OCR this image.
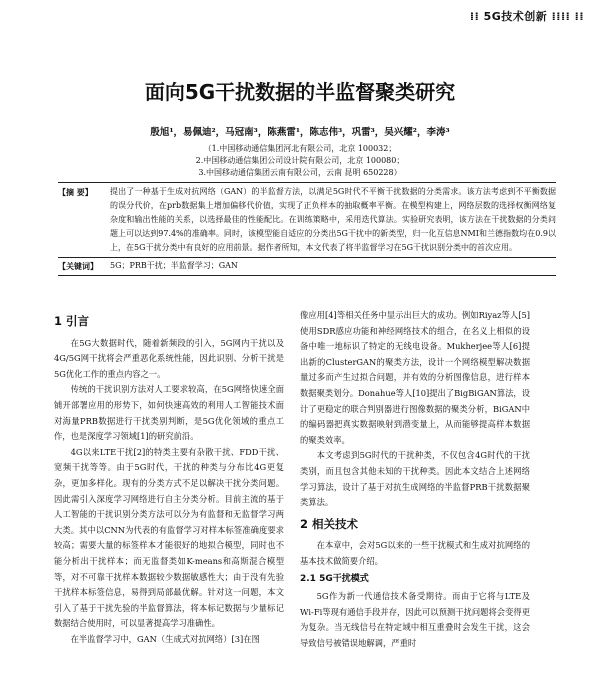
⁞⁞ 5G技术创新 ⁞⁞⁞⁞ ⁞⁞
面向5G干扰数据的半监督聚类研究
殷旭¹，易佩迪²，马冠南³，陈燕雷¹，陈志伟³，巩雷³，吴兴耀²，李涛³
（1.中国移动通信集团河北有限公司，北京 100032；
2.中国移动通信集团公司设计院有限公司，北京 100080；
3.中国移动通信集团云南有限公司，云南 昆明 650228）
【摘 要】	提出了一种基于生成对抗网络（GAN）的半监督方法，以满足5G时代不平衡干扰数据的分类需求。该方法考虑到不平衡数据的误分代价，在prb数据集上增加偏移代价值，实现了正负样本的抽取概率平衡。在模型构建上，网络层数的选择权衡网络复杂度和输出性能的关系，以选择最佳的性能配比。在训练策略中，采用迭代算法。实验研究表明，该方法在干扰数据的分类问题上可以达到97.4%的准确率。同时，该模型能自适应的分类出5G干扰中的新类型，归一化互信息NMI和兰德指数均在0.9以上，在5G干扰分类中有良好的应用前景。据作者所知，本文代表了将半监督学习在5G干扰识别分类中的首次应用。
【关键词】	5G；PRB干扰；半监督学习；GAN
1 引言

在5G大数据时代，随着新频段的引入，5G网内干扰以及4G/5G网干扰将会严重恶化系统性能，因此识别、分析干扰是5G优化工作的重点内容之一。

传统的干扰识别方法对人工要求较高，在5G网络快速全面铺开部署应用的形势下，如何快速高效的利用人工智能技术面对海量PRB数据进行干扰类别判断，是5G优化领域的重点工作，也是深度学习领域[1]的研究前沿。

4G以来LTE干扰[2]的特类主要有杂散干扰、FDD干扰、宽频干扰等等。由于5G时代，干扰的种类与分布比4G更复杂，更加多样化。现有的分类方式不足以解决干扰分类问题。因此需引入深度学习网络进行自主分类分析。目前主流的基于人工智能的干扰识别分类方法可以分为有监督和无监督学习两大类。其中以CNN为代表的有监督学习对样本标签准确度要求较高；需要大量的标签样本才能很好的地拟合模型，同时也不能分析出干扰样本；而无监督类如K-means和高斯混合模型等，对不可靠干扰样本数据较少数据敏感性大；由于没有先验干扰样本标签信息，易得到局部最优解。针对这一问题，本文引入了基于干扰先验的半监督算法，将本标记数据与少量标记数据结合使用时，可以显著提高学习准确性。

在半监督学习中，GAN（生成式对抗网络）[3]在图

像应用[4]等相关任务中显示出巨大的成功。例如Riyaz等人[5]使用SDR感应功能和神经网络技术的组合，在名义上相似的设备中唯一地标识了特定的无线电设备。Mukherjee等人[6]提出新的ClusterGAN的聚类方法，设计一个网络模型解决数据量过多而产生过拟合问题，并有效的分析图像信息，进行样本数据聚类划分。Donahue等人[10]提出了BigBiGAN算法，设计了更稳定的联合判别器进行图像数据的聚类分析，BiGAN中的编码器把真实数据映射到潜变量上，从而能够提高样本数据的聚类效率。

本文考虑到5G时代的干扰种类，不仅包含4G时代的干扰类别，而且包含其他未知的干扰种类。因此本文结合上述网络学习算法，设计了基于对抗生成网络的半监督PRB干扰数据聚类算法。

2 相关技术

在本章中，会对5G以来的一些干扰模式和生成对抗网络的基本技术做简要介绍。

2.1 5G干扰模式

5G作为新一代通信技术备受期待。而由于它将与LTE及Wi-Fi等现有通信手段并存，因此可以预测干扰问题将会变得更为复杂。当无线信号在特定域中相互重叠时会发生干扰，这会导致信号被错误地解调，严重时
